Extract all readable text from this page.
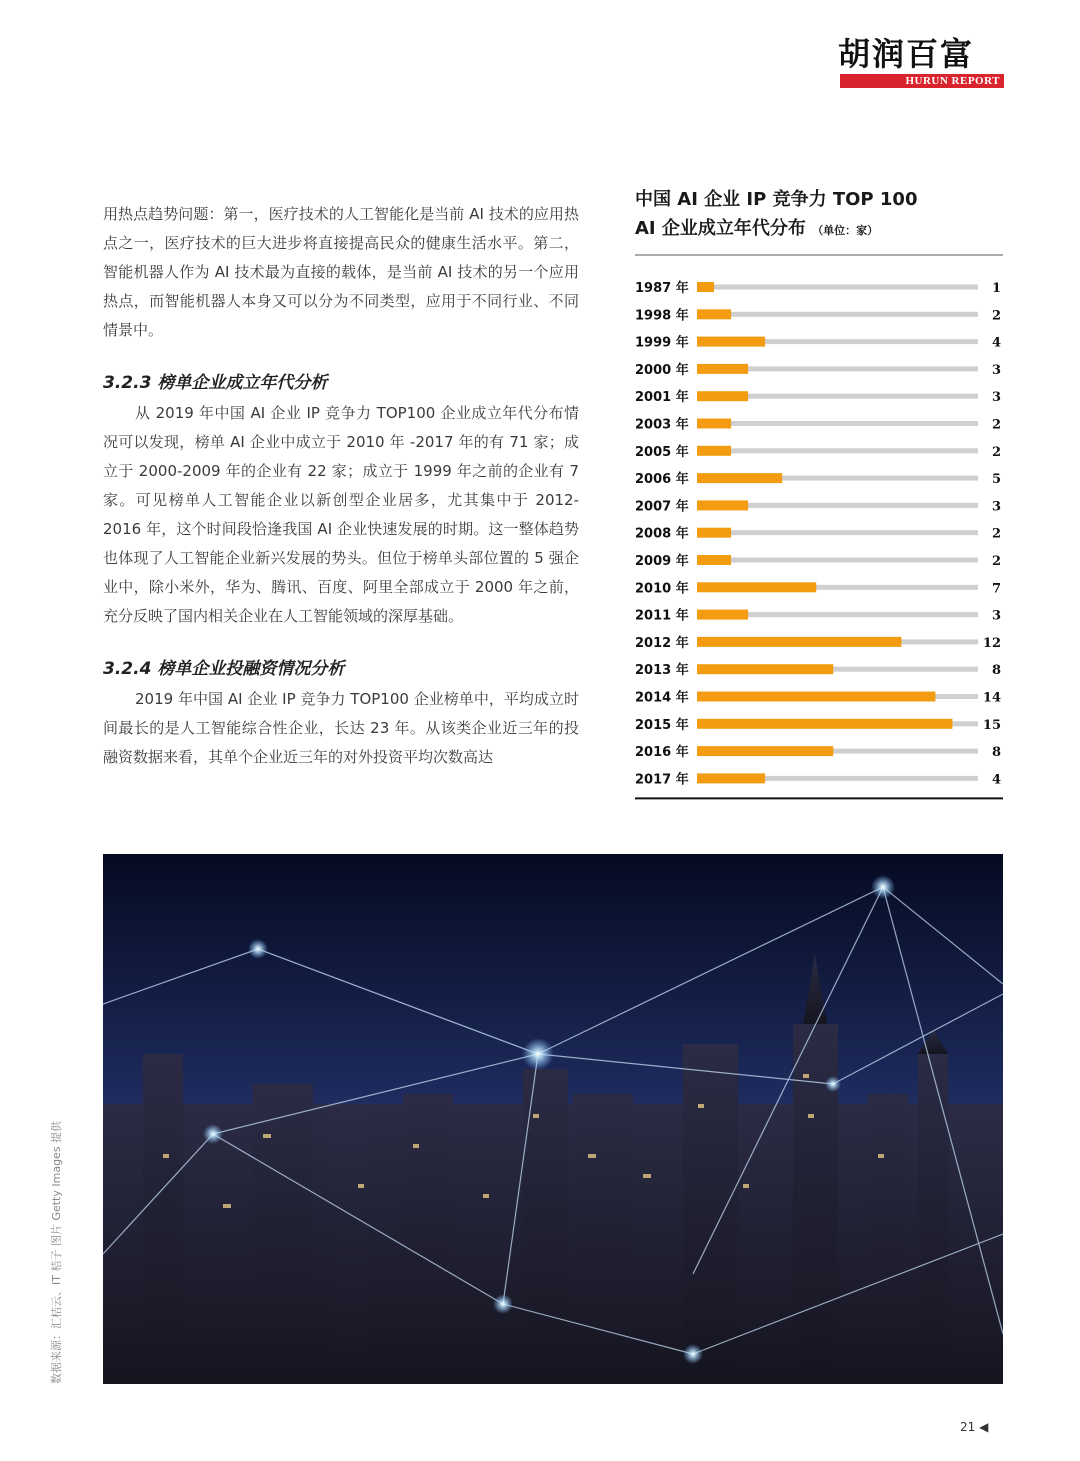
胡润百富
HURUN REPORT

用热点趋势问题：第一，医疗技术的人工智能化是当前 AI 技术的应用热点之一，医疗技术的巨大进步将直接提高民众的健康生活水平。第二，智能机器人作为 AI 技术最为直接的载体，是当前 AI 技术的另一个应用热点，而智能机器人本身又可以分为不同类型，应用于不同行业、不同情景中。

3.2.3 榜单企业成立年代分析

从 2019 年中国 AI 企业 IP 竞争力 TOP100 企业成立年代分布情况可以发现，榜单 AI 企业中成立于 2010 年 -2017 年的有 71 家；成立于 2000-2009 年的企业有 22 家；成立于 1999 年之前的企业有 7 家。可见榜单人工智能企业以新创型企业居多，尤其集中于 2012-2016 年，这个时间段恰逢我国 AI 企业快速发展的时期。这一整体趋势也体现了人工智能企业新兴发展的势头。但位于榜单头部位置的 5 强企业中，除小米外，华为、腾讯、百度、阿里全部成立于 2000 年之前，充分反映了国内相关企业在人工智能领域的深厚基础。

3.2.4 榜单企业投融资情况分析

2019 年中国 AI 企业 IP 竞争力 TOP100 企业榜单中，平均成立时间最长的是人工智能综合性企业，长达 23 年。从该类企业近三年的投融资数据来看，其单个企业近三年的对外投资平均次数高达

中国 AI 企业 IP 竞争力 TOP 100
AI 企业成立年代分布 （单位：家）
1987 年	1
1998 年	2
1999 年	4
2000 年	3
2001 年	3
2003 年	2
2005 年	2
2006 年	5
2007 年	3
2008 年	2
2009 年	2
2010 年	7
2011 年	3
2012 年	12
2013 年	8
2014 年	14
2015 年	15
2016 年	8
2017 年	4
数据来源：汇桔云、IT 桔子 图片 Getty Images 提供
21 ◀
